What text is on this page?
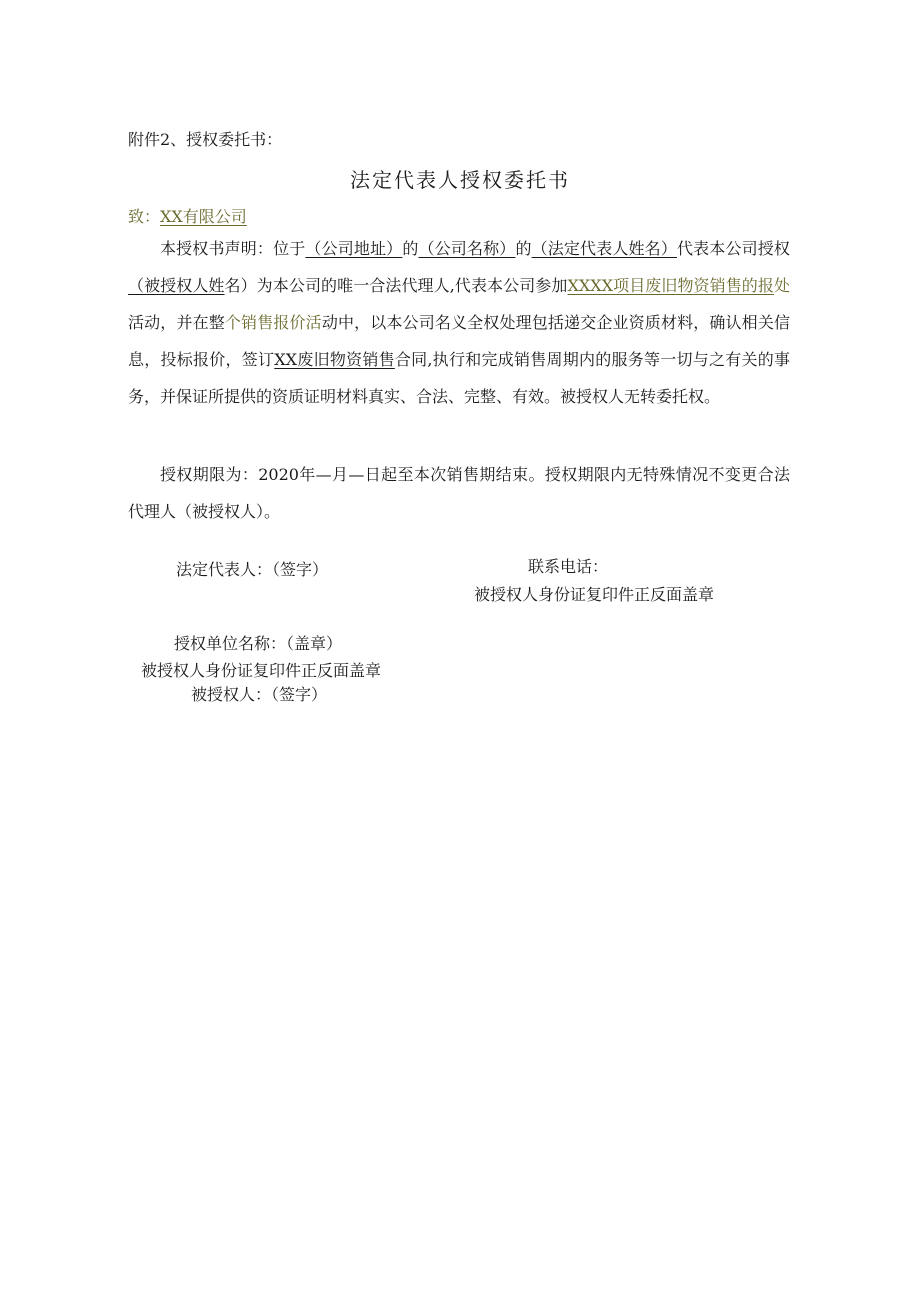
附件2、授权委托书：
法定代表人授权委托书
致：XX有限公司

本授权书声明：位于（公司地址）的（公司名称）的（法定代表人姓名）代表本公司授权（被授权人姓名）为本公司的唯一合法代理人,代表本公司参加XXXX项目废旧物资销售的报处活动，并在整个销售报价活动中，以本公司名义全权处理包括递交企业资质材料，确认相关信息，投标报价，签订XX废旧物资销售合同,执行和完成销售周期内的服务等一切与之有关的事务，并保证所提供的资质证明材料真实、合法、完整、有效。被授权人无转委托权。

授权期限为：2020年—月—日起至本次销售期结束。授权期限内无特殊情况不变更合法代理人（被授权人）。

法定代表人：（签字）	联系电话：
被授权人身份证复印件正反面盖章
授权单位名称：（盖章）
被授权人身份证复印件正反面盖章
被授权人：（签字）
